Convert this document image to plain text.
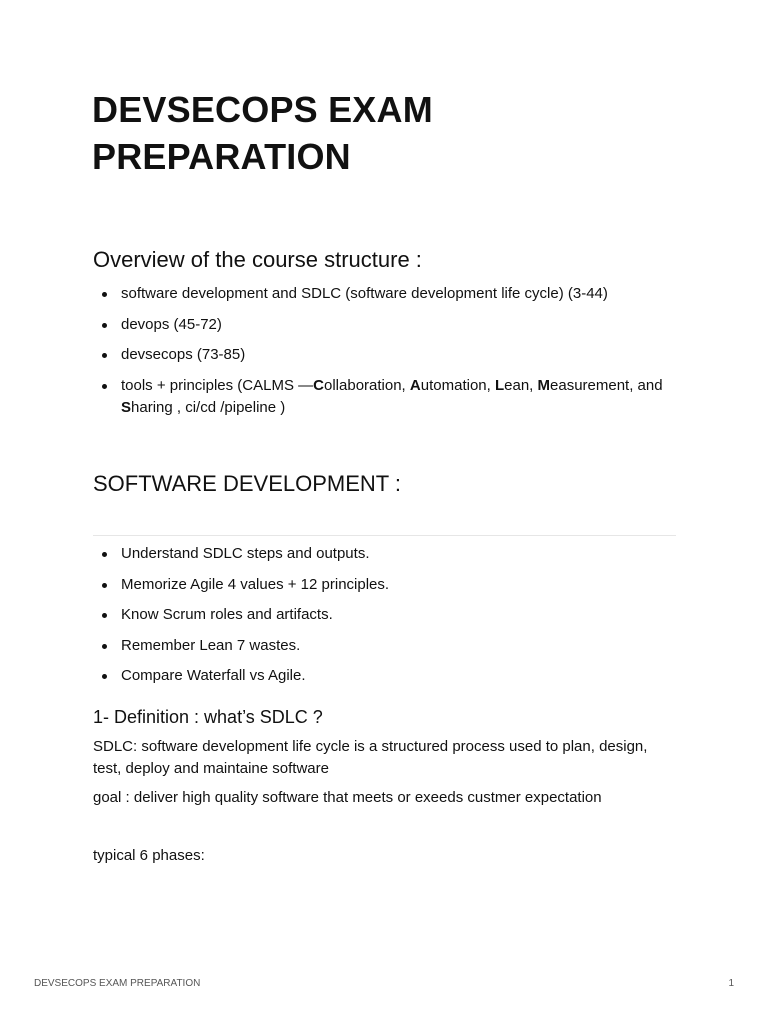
DEVSECOPS EXAM PREPARATION
Overview of the course structure :
software development and SDLC (software development life cycle) (3-44)
devops (45-72)
devsecops (73-85)
tools + principles (CALMS —Collaboration, Automation, Lean, Measurement, and Sharing , ci/cd /pipeline )
SOFTWARE DEVELOPMENT :
Understand SDLC steps and outputs.
Memorize Agile 4 values + 12 principles.
Know Scrum roles and artifacts.
Remember Lean 7 wastes.
Compare Waterfall vs Agile.
1- Definition : what’s SDLC ?

SDLC: software development life cycle is a structured process used to plan, design, test, deploy and maintaine software

goal : deliver high quality software that meets or exeeds custmer expectation

typical 6 phases:

DEVSECOPS EXAM PREPARATION	1
